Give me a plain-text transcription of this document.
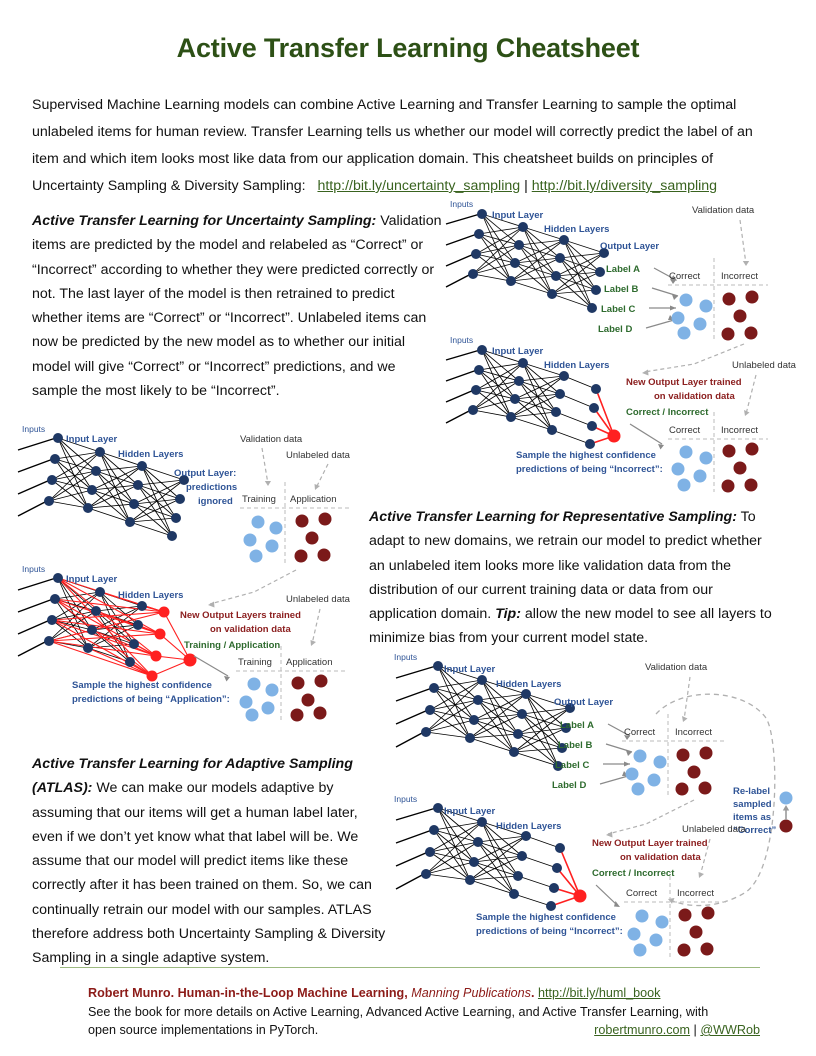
Active Transfer Learning Cheatsheet
Supervised Machine Learning models can combine Active Learning and Transfer Learning to sample the optimal unlabeled items for human review. Transfer Learning tells us whether our model will correctly predict the label of an item and which item looks most like data from our application domain. This cheatsheet builds on principles of Uncertainty Sampling & Diversity Sampling: http://bit.ly/uncertainty_sampling | http://bit.ly/diversity_sampling
Active Transfer Learning for Uncertainty Sampling: Validation items are predicted by the model and relabeled as “Correct” or “Incorrect” according to whether they were predicted correctly or not. The last layer of the model is then retrained to predict whether items are “Correct” or “Incorrect”. Unlabeled items can now be predicted by the new model as to whether our initial model will give “Correct” or “Incorrect” predictions, and we sample the most likely to be “Incorrect”.
Active Transfer Learning for Representative Sampling: To adapt to new domains, we retrain our model to predict whether an unlabeled item looks more like validation data from the distribution of our current training data or data from our application domain. Tip: allow the new model to see all layers to minimize bias from your current model state.
Active Transfer Learning for Adaptive Sampling (ATLAS): We can make our models adaptive by assuming that our items will get a human label later, even if we don’t yet know what that label will be. We assume that our model will predict items like these correctly after it has been trained on them. So, we can continually retrain our model with our samples. ATLAS therefore address both Uncertainty Sampling & Diversity Sampling in a single adaptive system.
Inputs
Input Layer
Hidden Layers
Output Layer
Label A
Label B
Label C
Label D
Validation data
Correct Incorrect
Inputs
Input Layer
Hidden Layers
New Output Layer trained
on validation data
Correct / Incorrect
Unlabeled data
Correct Incorrect
Sample the highest confidence
predictions of being “Incorrect”:
Inputs
Input Layer
Hidden Layers
Output Layer:
predictions
ignored
Validation data
Unlabeled data
Training Application
Inputs
Input Layer
Hidden Layers
New Output Layers trained
on validation data
Training / Application
Unlabeled data
Training Application
Sample the highest confidence
predictions of being “Application”:
Inputs
Input Layer
Hidden Layers
Output Layer
Label A
Label B
Label C
Label D
Validation data
Correct Incorrect
Re-label
sampled
items as
“Correct”
Inputs
Input Layer
Hidden Layers
New Output Layer trained
on validation data
Correct / Incorrect
Unlabeled data
Correct Incorrect
Sample the highest confidence
predictions of being “Incorrect”:
Robert Munro. Human-in-the-Loop Machine Learning, Manning Publications. http://bit.ly/huml_book
See the book for more details on Active Learning, Advanced Active Learning, and Active Transfer Learning, with
open source implementations in PyTorch.	robertmunro.com | @WWRob
